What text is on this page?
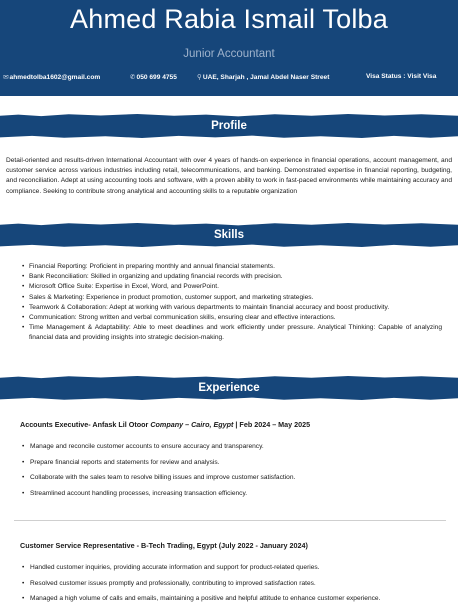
Ahmed Rabia Ismail Tolba
Junior Accountant
✉ahmedtolba1602@gmail.com	✆050 699 4755	⚲UAE, Sharjah , Jamal Abdel Naser Street	Visa Status : Visit Visa
Profile
Detail-oriented and results-driven International Accountant with over 4 years of hands-on experience in financial operations, account management, and customer service across various industries including retail, telecommunications, and banking. Demonstrated expertise in financial reporting, budgeting, and reconciliation. Adept at using accounting tools and software, with a proven ability to work in fast-paced environments while maintaining accuracy and compliance. Seeking to contribute strong analytical and accounting skills to a reputable organization
Skills
• Financial Reporting: Proficient in preparing monthly and annual financial statements.
• Bank Reconciliation: Skilled in organizing and updating financial records with precision.
• Microsoft Office Suite: Expertise in Excel, Word, and PowerPoint.
• Sales & Marketing: Experience in product promotion, customer support, and marketing strategies.
• Teamwork & Collaboration: Adept at working with various departments to maintain financial accuracy and boost productivity.
• Communication: Strong written and verbal communication skills, ensuring clear and effective interactions.
• Time Management & Adaptability: Able to meet deadlines and work efficiently under pressure. Analytical Thinking: Capable of analyzing financial data and providing insights into strategic decision-making.
Experience
Accounts Executive- Anfask Lil Otoor Company – Cairo, Egypt | Feb 2024 – May 2025
• Manage and reconcile customer accounts to ensure accuracy and transparency.
• Prepare financial reports and statements for review and analysis.
• Collaborate with the sales team to resolve billing issues and improve customer satisfaction.
• Streamlined account handling processes, increasing transaction efficiency.
Customer Service Representative - B-Tech Trading, Egypt (July 2022 - January 2024)
• Handled customer inquiries, providing accurate information and support for product-related queries.
• Resolved customer issues promptly and professionally, contributing to improved satisfaction rates.
• Managed a high volume of calls and emails, maintaining a positive and helpful attitude to enhance customer experience.
